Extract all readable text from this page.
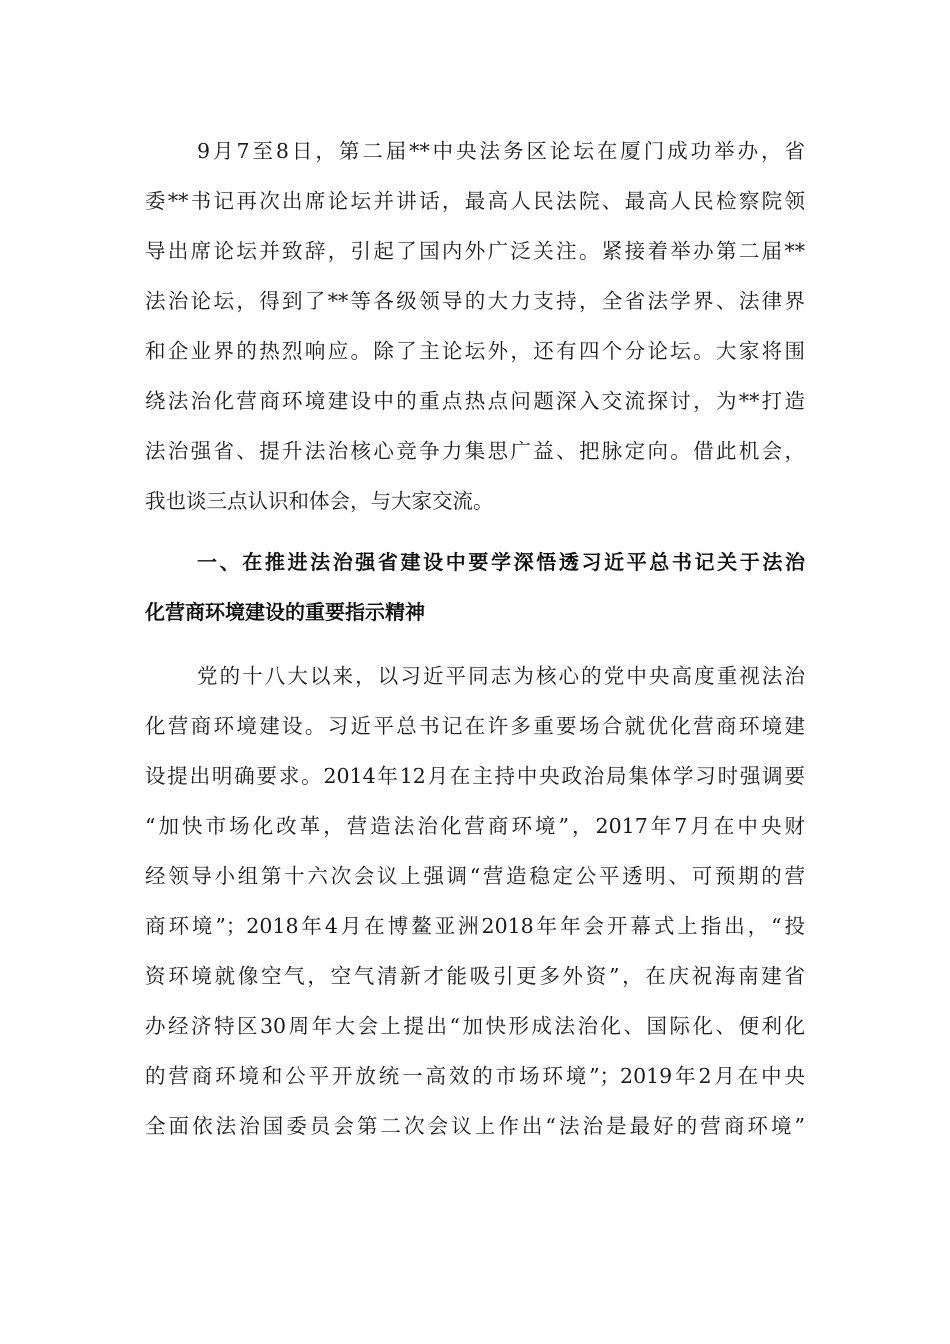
9月7至8日，第二届**中央法务区论坛在厦门成功举办，省

委**书记再次出席论坛并讲话，最高人民法院、最高人民检察院领

导出席论坛并致辞，引起了国内外广泛关注。紧接着举办第二届**

法治论坛，得到了**等各级领导的大力支持，全省法学界、法律界

和企业界的热烈响应。除了主论坛外，还有四个分论坛。大家将围

绕法治化营商环境建设中的重点热点问题深入交流探讨，为**打造

法治强省、提升法治核心竞争力集思广益、把脉定向。借此机会，

我也谈三点认识和体会，与大家交流。

一、在推进法治强省建设中要学深悟透习近平总书记关于法治

化营商环境建设的重要指示精神

党的十八大以来，以习近平同志为核心的党中央高度重视法治

化营商环境建设。习近平总书记在许多重要场合就优化营商环境建

设提出明确要求。2014年12月在主持中央政治局集体学习时强调要

“加快市场化改革，营造法治化营商环境”，2017年7月在中央财

经领导小组第十六次会议上强调“营造稳定公平透明、可预期的营

商环境”；2018年4月在博鳌亚洲2018年年会开幕式上指出，“投

资环境就像空气，空气清新才能吸引更多外资”，在庆祝海南建省

办经济特区30周年大会上提出“加快形成法治化、国际化、便利化

的营商环境和公平开放统一高效的市场环境”；2019年2月在中央

全面依法治国委员会第二次会议上作出“法治是最好的营商环境”
